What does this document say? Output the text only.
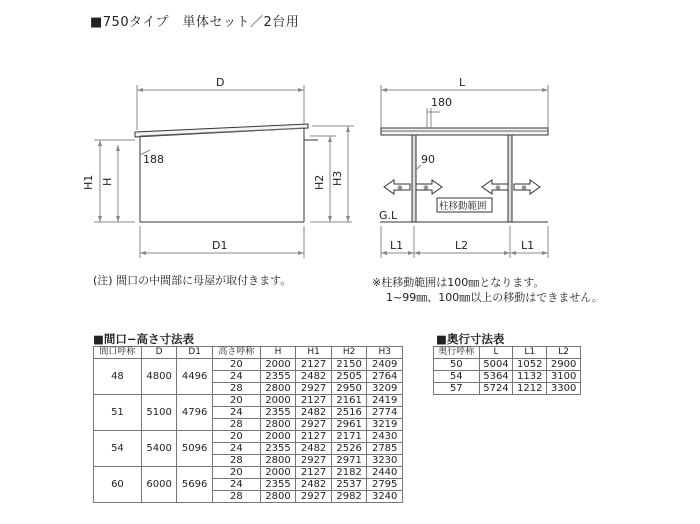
■750タイプ　単体セット／2台用
D
D1
188
H1 H	H2 H3
L
180
90
G.L
柱移動範囲
L1	L2	L1
※	※	※	※
(注) 間口の中間部に母屋が取付きます。	※柱移動範囲は100㎜となります。
1~99㎜、100㎜以上の移動はできません。
■間口−高さ寸法表
間口呼称	D	D1	高さ呼称	H	H1	H2	H3
48	4800	4496	20	2000	2127	2150	2409
			24	2355	2482	2505	2764
			28	2800	2927	2950	3209
51	5100	4796	20	2000	2127	2161	2419
			24	2355	2482	2516	2774
			28	2800	2927	2961	3219
54	5400	5096	20	2000	2127	2171	2430
			24	2355	2482	2526	2785
			28	2800	2927	2971	3230
60	6000	5696	20	2000	2127	2182	2440
			24	2355	2482	2537	2795
			28	2800	2927	2982	3240
■奥行寸法表
奥行呼称	L	L1	L2
50	5004	1052	2900
54	5364	1132	3100
57	5724	1212	3300
